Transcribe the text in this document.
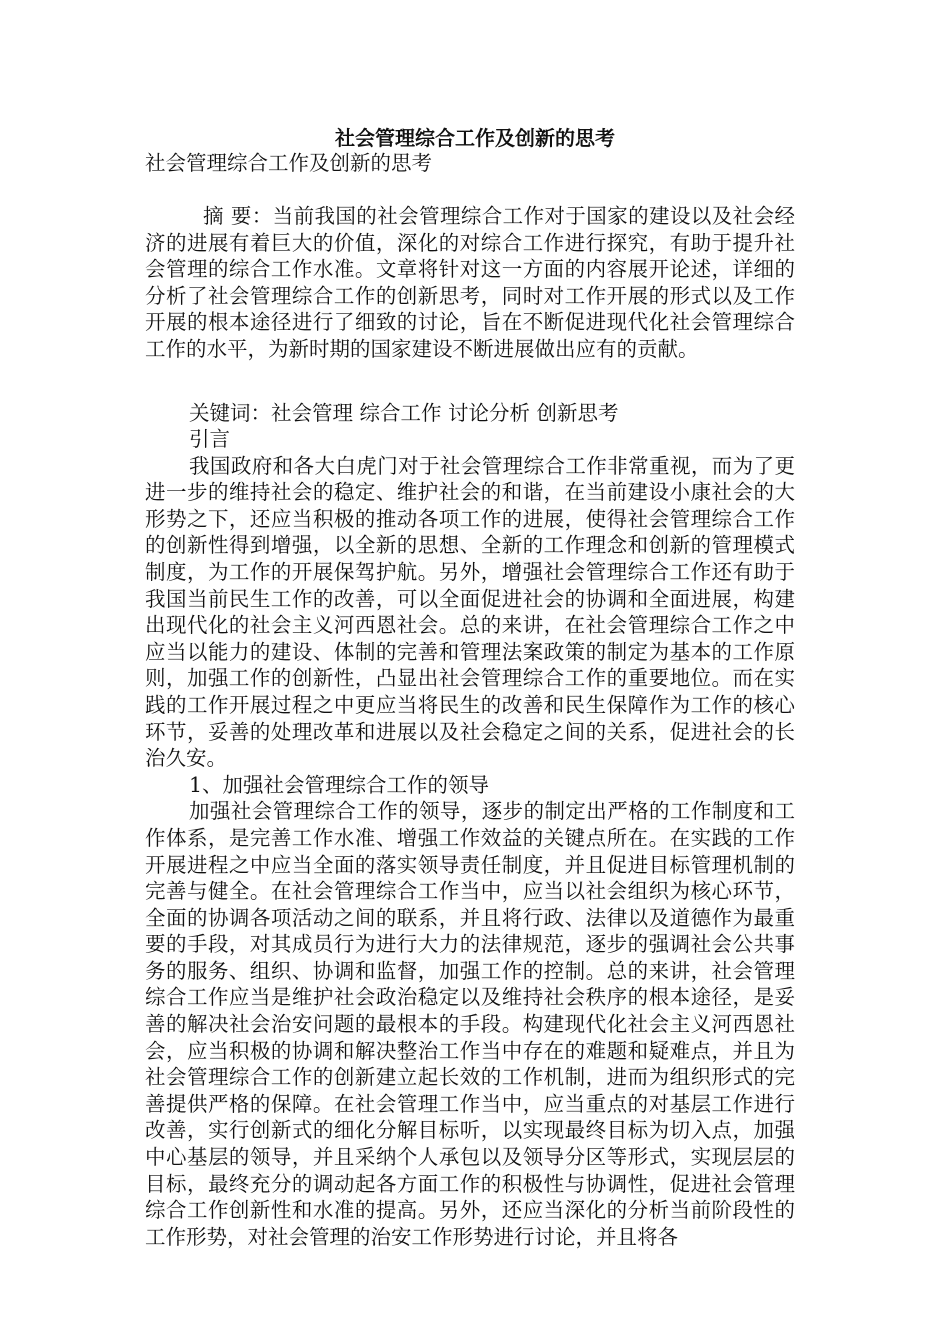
社会管理综合工作及创新的思考
社会管理综合工作及创新的思考

摘 要：当前我国的社会管理综合工作对于国家的建设以及社会经济的进展有着巨大的价值，深化的对综合工作进行探究，有助于提升社会管理的综合工作水准。文章将针对这一方面的内容展开论述，详细的分析了社会管理综合工作的创新思考，同时对工作开展的形式以及工作开展的根本途径进行了细致的讨论，旨在不断促进现代化社会管理综合工作的水平，为新时期的国家建设不断进展做出应有的贡献。

关键词：社会管理 综合工作 讨论分析 创新思考

引言

我国政府和各大白虎门对于社会管理综合工作非常重视，而为了更进一步的维持社会的稳定、维护社会的和谐，在当前建设小康社会的大形势之下，还应当积极的推动各项工作的进展，使得社会管理综合工作的创新性得到增强，以全新的思想、全新的工作理念和创新的管理模式制度，为工作的开展保驾护航。另外，增强社会管理综合工作还有助于我国当前民生工作的改善，可以全面促进社会的协调和全面进展，构建出现代化的社会主义河西恩社会。总的来讲，在社会管理综合工作之中应当以能力的建设、体制的完善和管理法案政策的制定为基本的工作原则，加强工作的创新性，凸显出社会管理综合工作的重要地位。而在实践的工作开展过程之中更应当将民生的改善和民生保障作为工作的核心环节，妥善的处理改革和进展以及社会稳定之间的关系，促进社会的长治久安。

1、加强社会管理综合工作的领导

加强社会管理综合工作的领导，逐步的制定出严格的工作制度和工作体系，是完善工作水准、增强工作效益的关键点所在。在实践的工作开展进程之中应当全面的落实领导责任制度，并且促进目标管理机制的完善与健全。在社会管理综合工作当中，应当以社会组织为核心环节，全面的协调各项活动之间的联系，并且将行政、法律以及道德作为最重要的手段，对其成员行为进行大力的法律规范，逐步的强调社会公共事务的服务、组织、协调和监督，加强工作的控制。总的来讲，社会管理综合工作应当是维护社会政治稳定以及维持社会秩序的根本途径，是妥善的解决社会治安问题的最根本的手段。构建现代化社会主义河西恩社会，应当积极的协调和解决整治工作当中存在的难题和疑难点，并且为社会管理综合工作的创新建立起长效的工作机制，进而为组织形式的完善提供严格的保障。在社会管理工作当中，应当重点的对基层工作进行改善，实行创新式的细化分解目标听，以实现最终目标为切入点，加强中心基层的领导，并且采纳个人承包以及领导分区等形式，实现层层的目标，最终充分的调动起各方面工作的积极性与协调性，促进社会管理综合工作创新性和水准的提高。另外，还应当深化的分析当前阶段性的工作形势，对社会管理的治安工作形势进行讨论，并且将各
